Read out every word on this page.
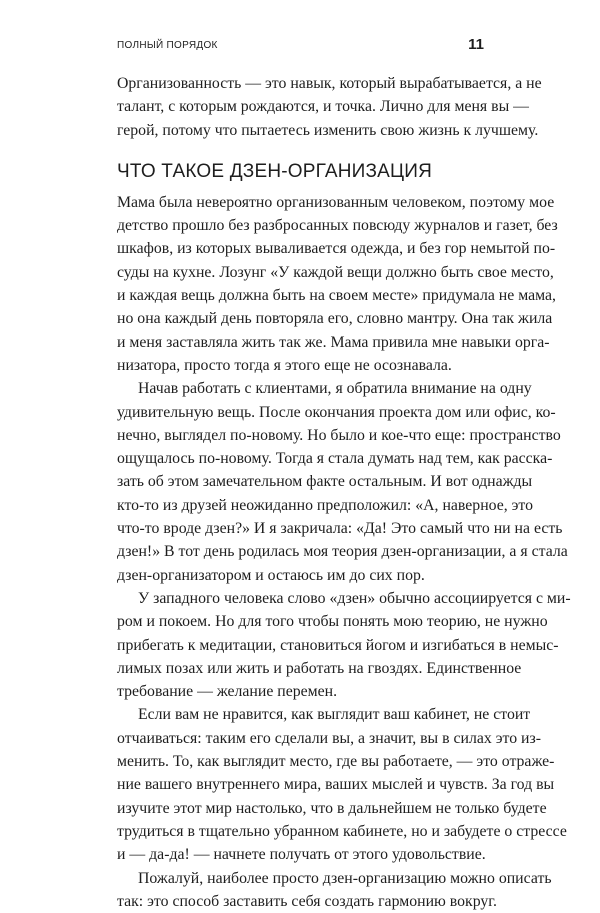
ПОЛНЫЙ ПОРЯДОК	11
Организованность — это навык, который вырабатывается, а не
талант, с которым рождаются, и точка. Лично для меня вы —
герой, потому что пытаетесь изменить свою жизнь к лучшему.
ЧТО ТАКОЕ ДЗЕН-ОРГАНИЗАЦИЯ
Мама была невероятно организованным человеком, поэтому мое
детство прошло без разбросанных повсюду журналов и газет, без
шкафов, из которых вываливается одежда, и без гор немытой по-
суды на кухне. Лозунг «У каждой вещи должно быть свое место,
и каждая вещь должна быть на своем месте» придумала не мама,
но она каждый день повторяла его, словно мантру. Она так жила
и меня заставляла жить так же. Мама привила мне навыки орга-
низатора, просто тогда я этого еще не осознавала.
Начав работать с клиентами, я обратила внимание на одну
удивительную вещь. После окончания проекта дом или офис, ко-
нечно, выглядел по-новому. Но было и кое-что еще: пространство
ощущалось по-новому. Тогда я стала думать над тем, как расска-
зать об этом замечательном факте остальным. И вот однажды
кто-то из друзей неожиданно предположил: «А, наверное, это
что-то вроде дзен?» И я закричала: «Да! Это самый что ни на есть
дзен!» В тот день родилась моя теория дзен-организации, а я стала
дзен-организатором и остаюсь им до сих пор.
У западного человека слово «дзен» обычно ассоциируется с ми-
ром и покоем. Но для того чтобы понять мою теорию, не нужно
прибегать к медитации, становиться йогом и изгибаться в немыс-
лимых позах или жить и работать на гвоздях. Единственное
требование — желание перемен.
Если вам не нравится, как выглядит ваш кабинет, не стоит
отчаиваться: таким его сделали вы, а значит, вы в силах это из-
менить. То, как выглядит место, где вы работаете, — это отраже-
ние вашего внутреннего мира, ваших мыслей и чувств. За год вы
изучите этот мир настолько, что в дальнейшем не только будете
трудиться в тщательно убранном кабинете, но и забудете о стрессе
и — да-да! — начнете получать от этого удовольствие.
Пожалуй, наиболее просто дзен-организацию можно описать
так: это способ заставить себя создать гармонию вокруг.
